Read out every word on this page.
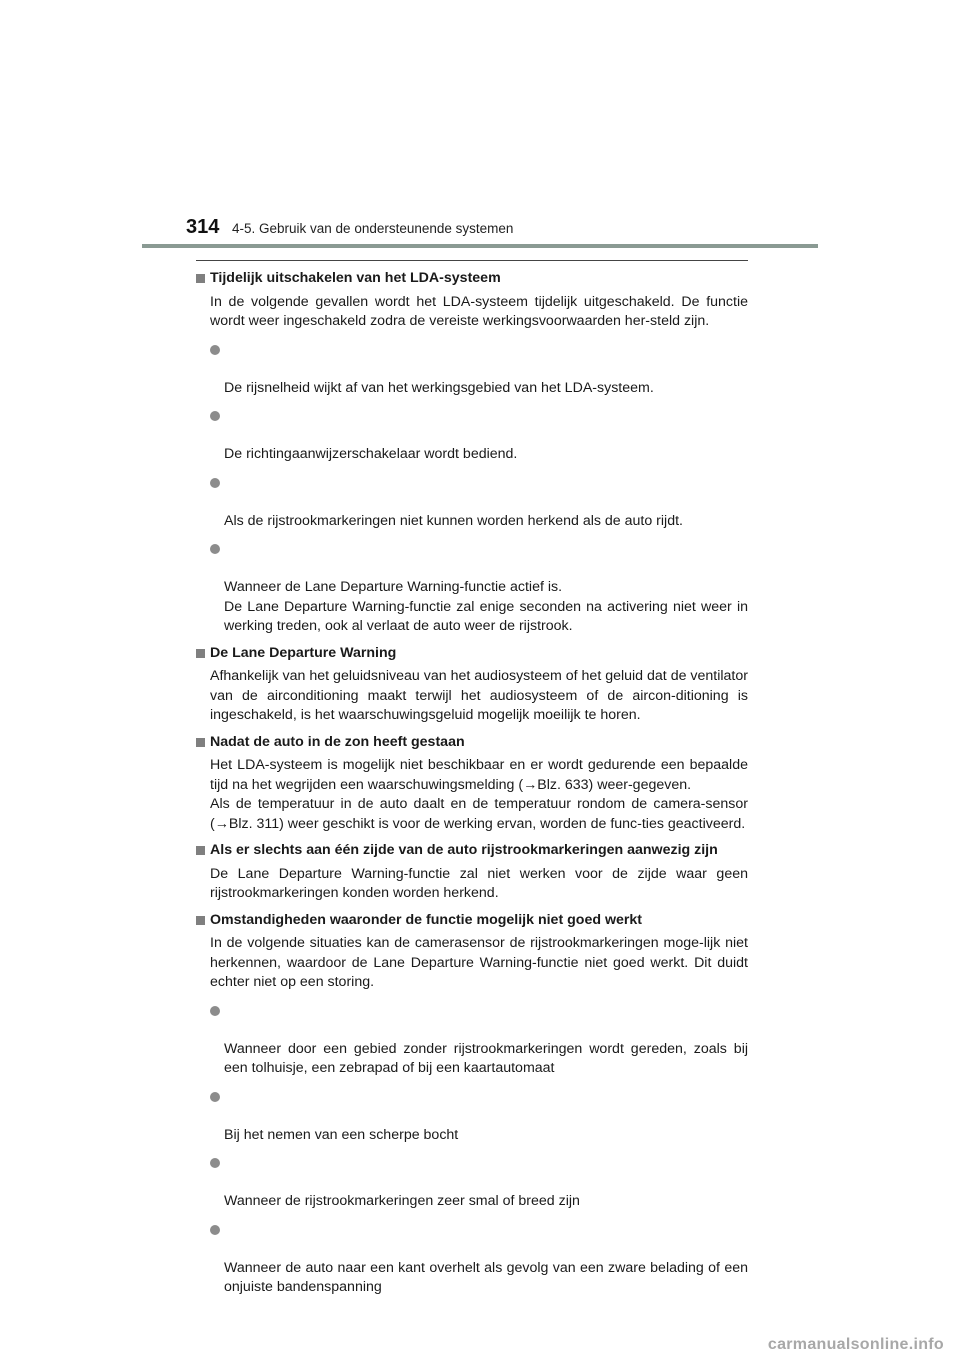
314 4-5. Gebruik van de ondersteunende systemen
Tijdelijk uitschakelen van het LDA-systeem
In de volgende gevallen wordt het LDA-systeem tijdelijk uitgeschakeld. De functie wordt weer ingeschakeld zodra de vereiste werkingsvoorwaarden her-steld zijn.

De rijsnelheid wijkt af van het werkingsgebied van het LDA-systeem.

De richtingaanwijzerschakelaar wordt bediend.

Als de rijstrookmarkeringen niet kunnen worden herkend als de auto rijdt.

Wanneer de Lane Departure Warning-functie actief is.
De Lane Departure Warning-functie zal enige seconden na activering niet weer in werking treden, ook al verlaat de auto weer de rijstrook.

De Lane Departure Warning
Afhankelijk van het geluidsniveau van het audiosysteem of het geluid dat de ventilator van de airconditioning maakt terwijl het audiosysteem of de aircon-ditioning is ingeschakeld, is het waarschuwingsgeluid mogelijk moeilijk te horen.
Nadat de auto in de zon heeft gestaan
Het LDA-systeem is mogelijk niet beschikbaar en er wordt gedurende een bepaalde tijd na het wegrijden een waarschuwingsmelding (→Blz. 633) weer-gegeven.
Als de temperatuur in de auto daalt en de temperatuur rondom de camera-sensor (→Blz. 311) weer geschikt is voor de werking ervan, worden de func-ties geactiveerd.
Als er slechts aan één zijde van de auto rijstrookmarkeringen aanwezig zijn
De Lane Departure Warning-functie zal niet werken voor de zijde waar geen rijstrookmarkeringen konden worden herkend.
Omstandigheden waaronder de functie mogelijk niet goed werkt
In de volgende situaties kan de camerasensor de rijstrookmarkeringen moge-lijk niet herkennen, waardoor de Lane Departure Warning-functie niet goed werkt. Dit duidt echter niet op een storing.

Wanneer door een gebied zonder rijstrookmarkeringen wordt gereden, zoals bij een tolhuisje, een zebrapad of bij een kaartautomaat

Bij het nemen van een scherpe bocht

Wanneer de rijstrookmarkeringen zeer smal of breed zijn

Wanneer de auto naar een kant overhelt als gevolg van een zware belading of een onjuiste bandenspanning

carmanualsonline.info
